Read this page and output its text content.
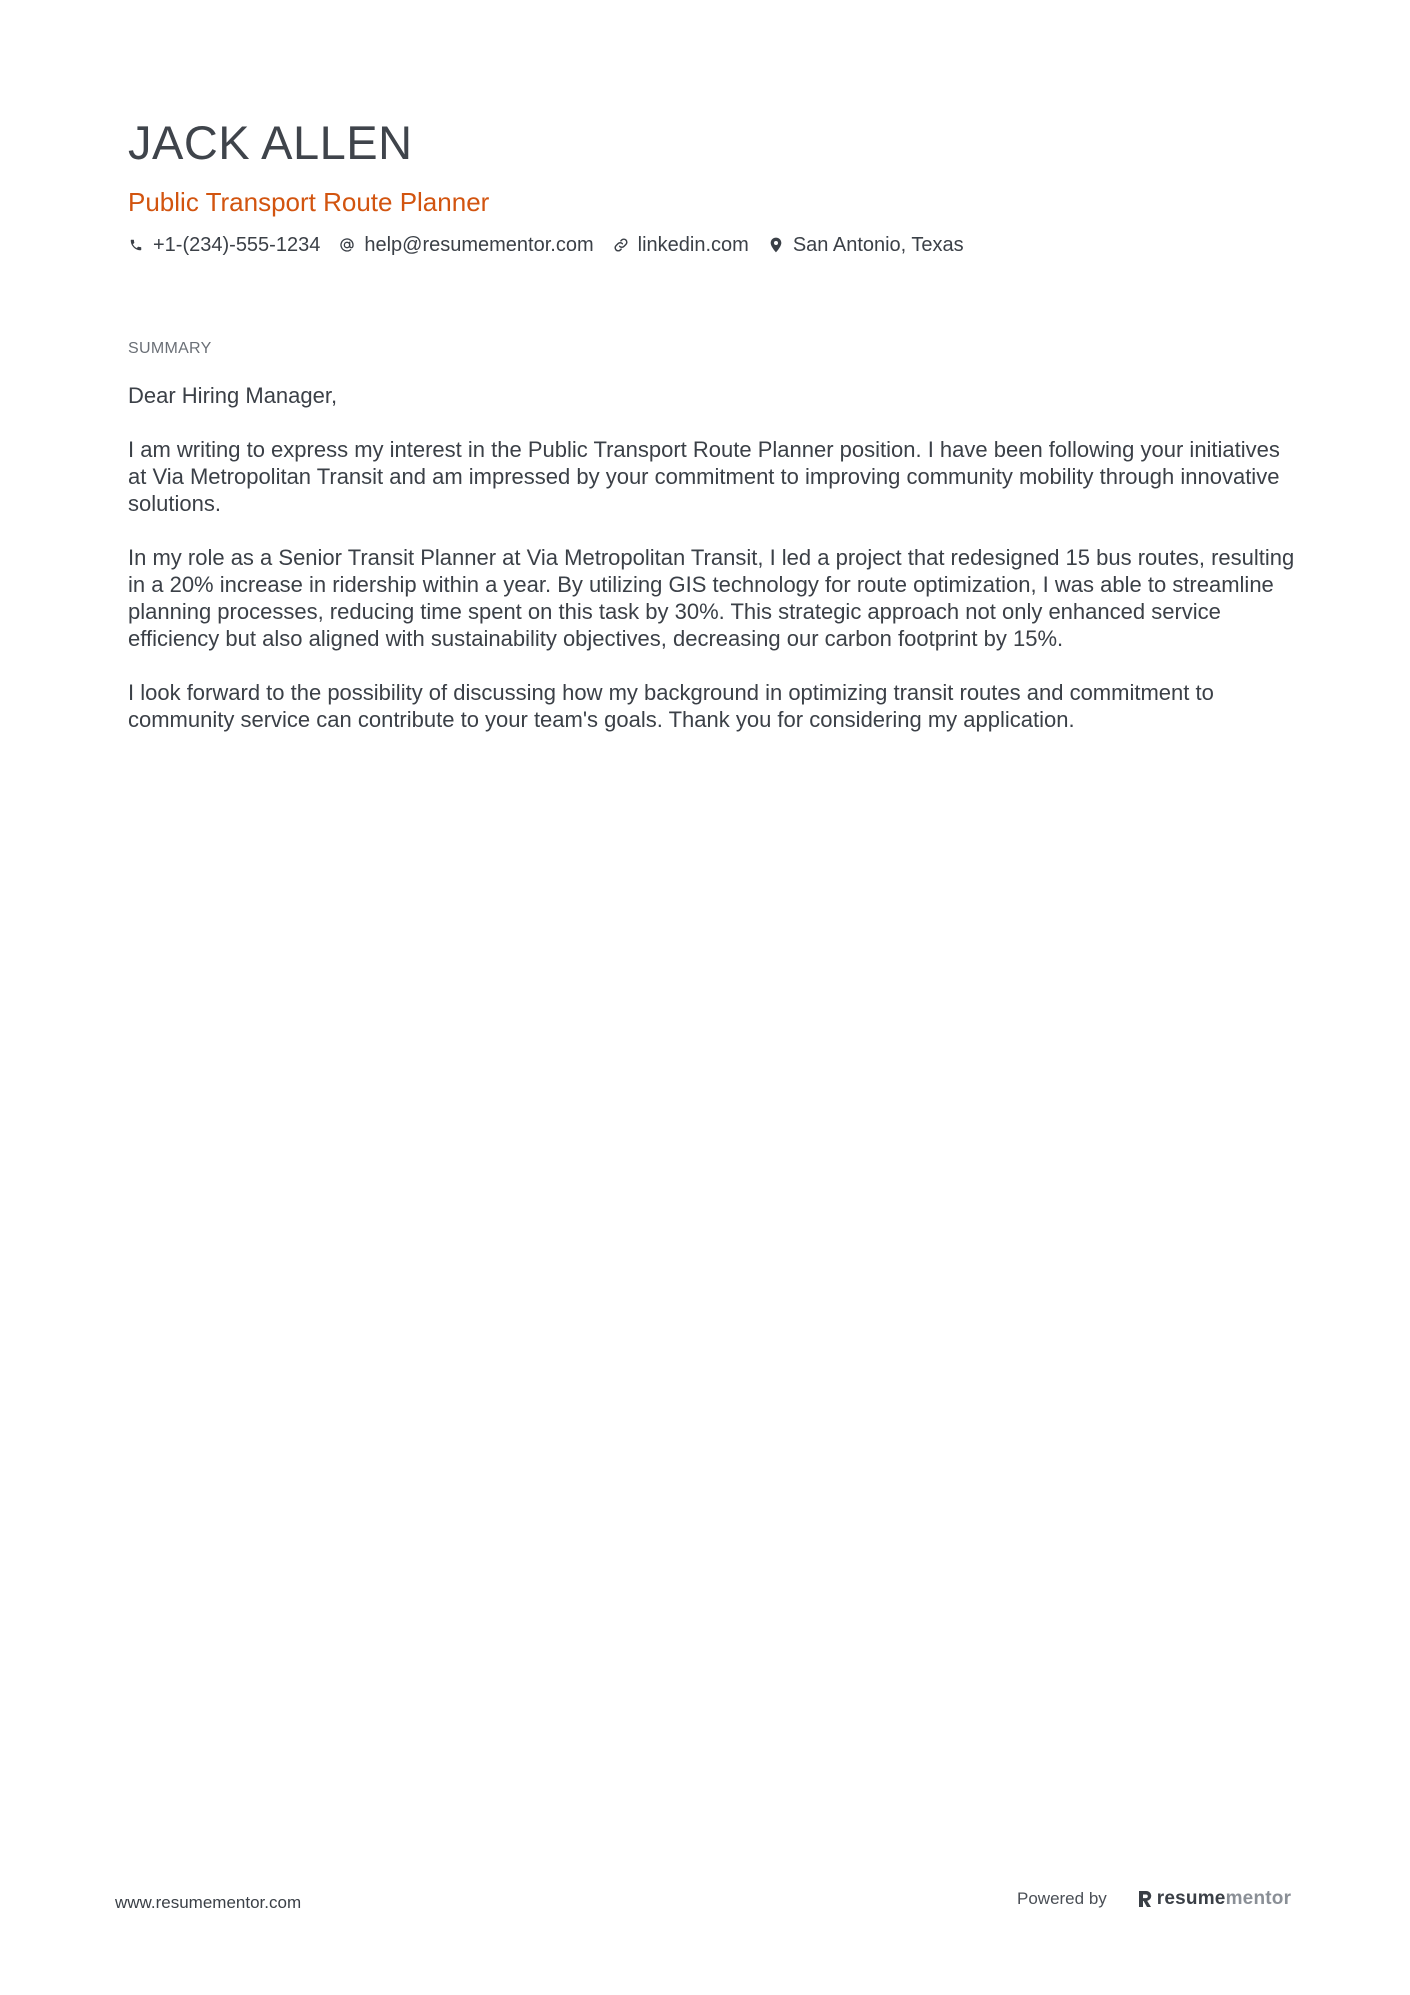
JACK ALLEN
Public Transport Route Planner
+1-(234)-555-1234 help@resumementor.com linkedin.com San Antonio, Texas
SUMMARY

Dear Hiring Manager,

I am writing to express my interest in the Public Transport Route Planner position. I have been following your initiatives at Via Metropolitan Transit and am impressed by your commitment to improving community mobility through innovative solutions.

In my role as a Senior Transit Planner at Via Metropolitan Transit, I led a project that redesigned 15 bus routes, resulting in a 20% increase in ridership within a year. By utilizing GIS technology for route optimization, I was able to streamline planning processes, reducing time spent on this task by 30%. This strategic approach not only enhanced service efficiency but also aligned with sustainability objectives, decreasing our carbon footprint by 15%.

I look forward to the possibility of discussing how my background in optimizing transit routes and commitment to community service can contribute to your team's goals. Thank you for considering my application.

www.resumementor.com	Powered by	resumementor
